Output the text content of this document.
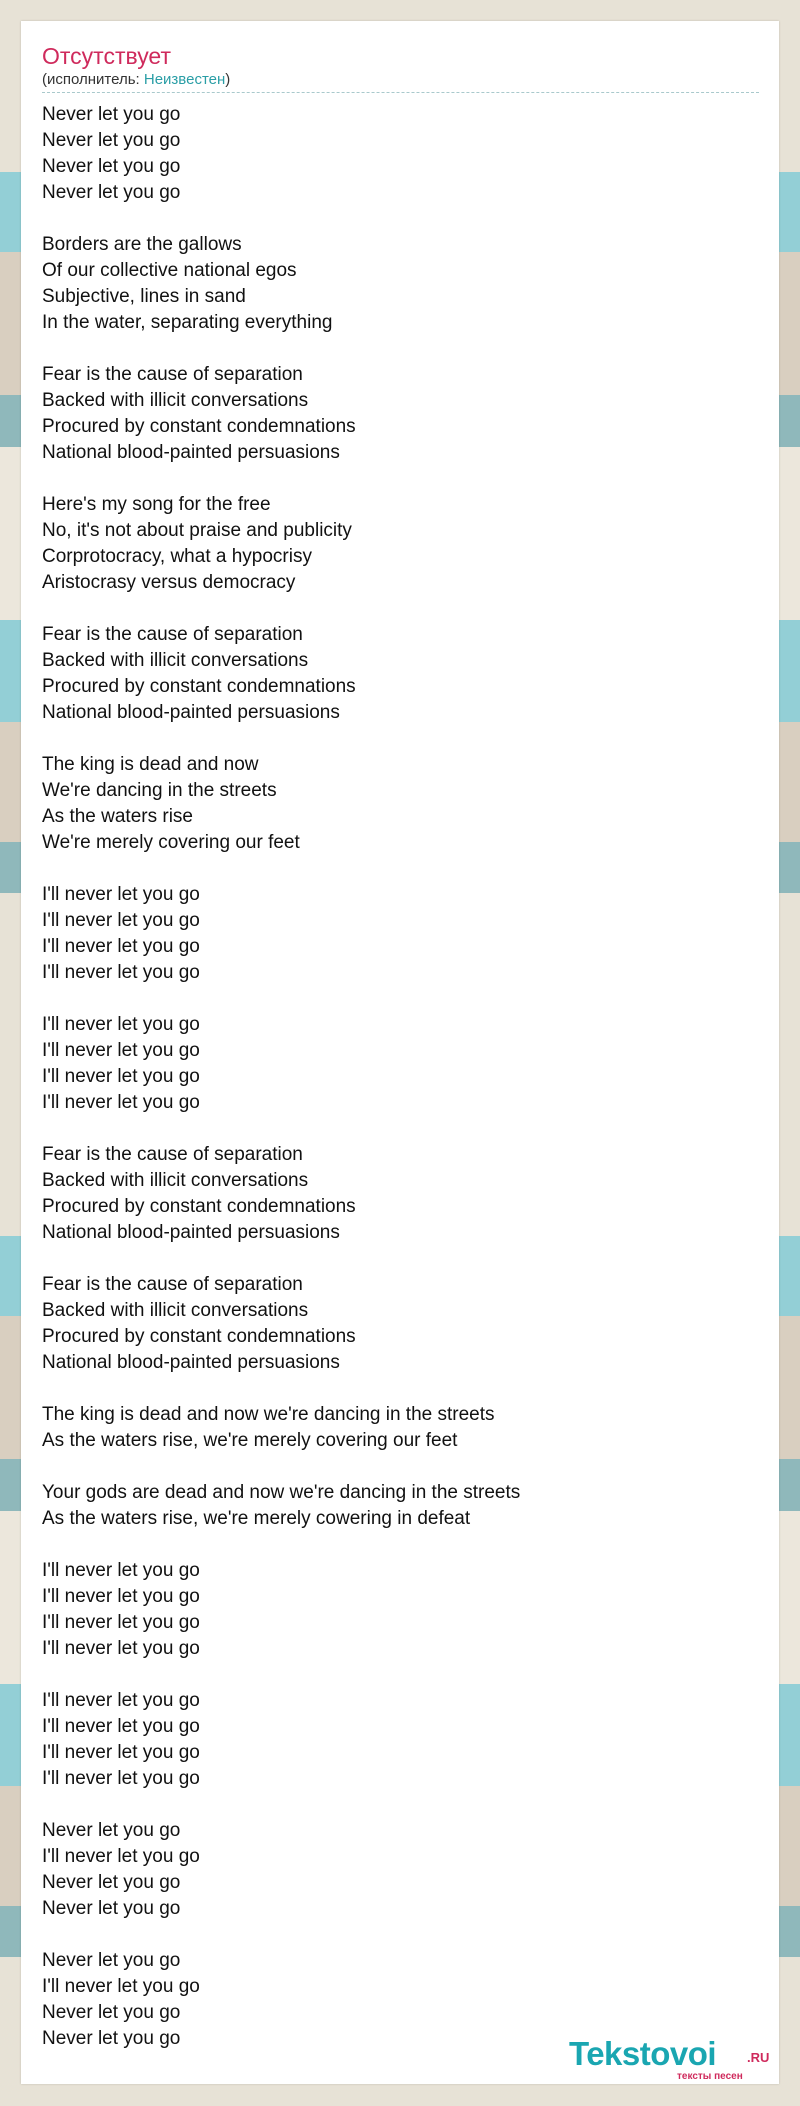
Отсутствует
(исполнитель: Неизвестен)
Never let you go
Never let you go
Never let you go
Never let you go
Borders are the gallows
Of our collective national egos
Subjective, lines in sand
In the water, separating everything
Fear is the cause of separation
Backed with illicit conversations
Procured by constant condemnations
National blood-painted persuasions
Here's my song for the free
No, it's not about praise and publicity
Corprotocracy, what a hypocrisy
Aristocrasy versus democracy
Fear is the cause of separation
Backed with illicit conversations
Procured by constant condemnations
National blood-painted persuasions
The king is dead and now
We're dancing in the streets
As the waters rise
We're merely covering our feet
I'll never let you go
I'll never let you go
I'll never let you go
I'll never let you go
I'll never let you go
I'll never let you go
I'll never let you go
I'll never let you go
Fear is the cause of separation
Backed with illicit conversations
Procured by constant condemnations
National blood-painted persuasions
Fear is the cause of separation
Backed with illicit conversations
Procured by constant condemnations
National blood-painted persuasions
The king is dead and now we're dancing in the streets
As the waters rise, we're merely covering our feet
Your gods are dead and now we're dancing in the streets
As the waters rise, we're merely cowering in defeat
I'll never let you go
I'll never let you go
I'll never let you go
I'll never let you go
I'll never let you go
I'll never let you go
I'll never let you go
I'll never let you go
Never let you go
I'll never let you go
Never let you go
Never let you go
Never let you go
I'll never let you go
Never let you go
Never let you go	Tekstovoi .RU
тексты песен
